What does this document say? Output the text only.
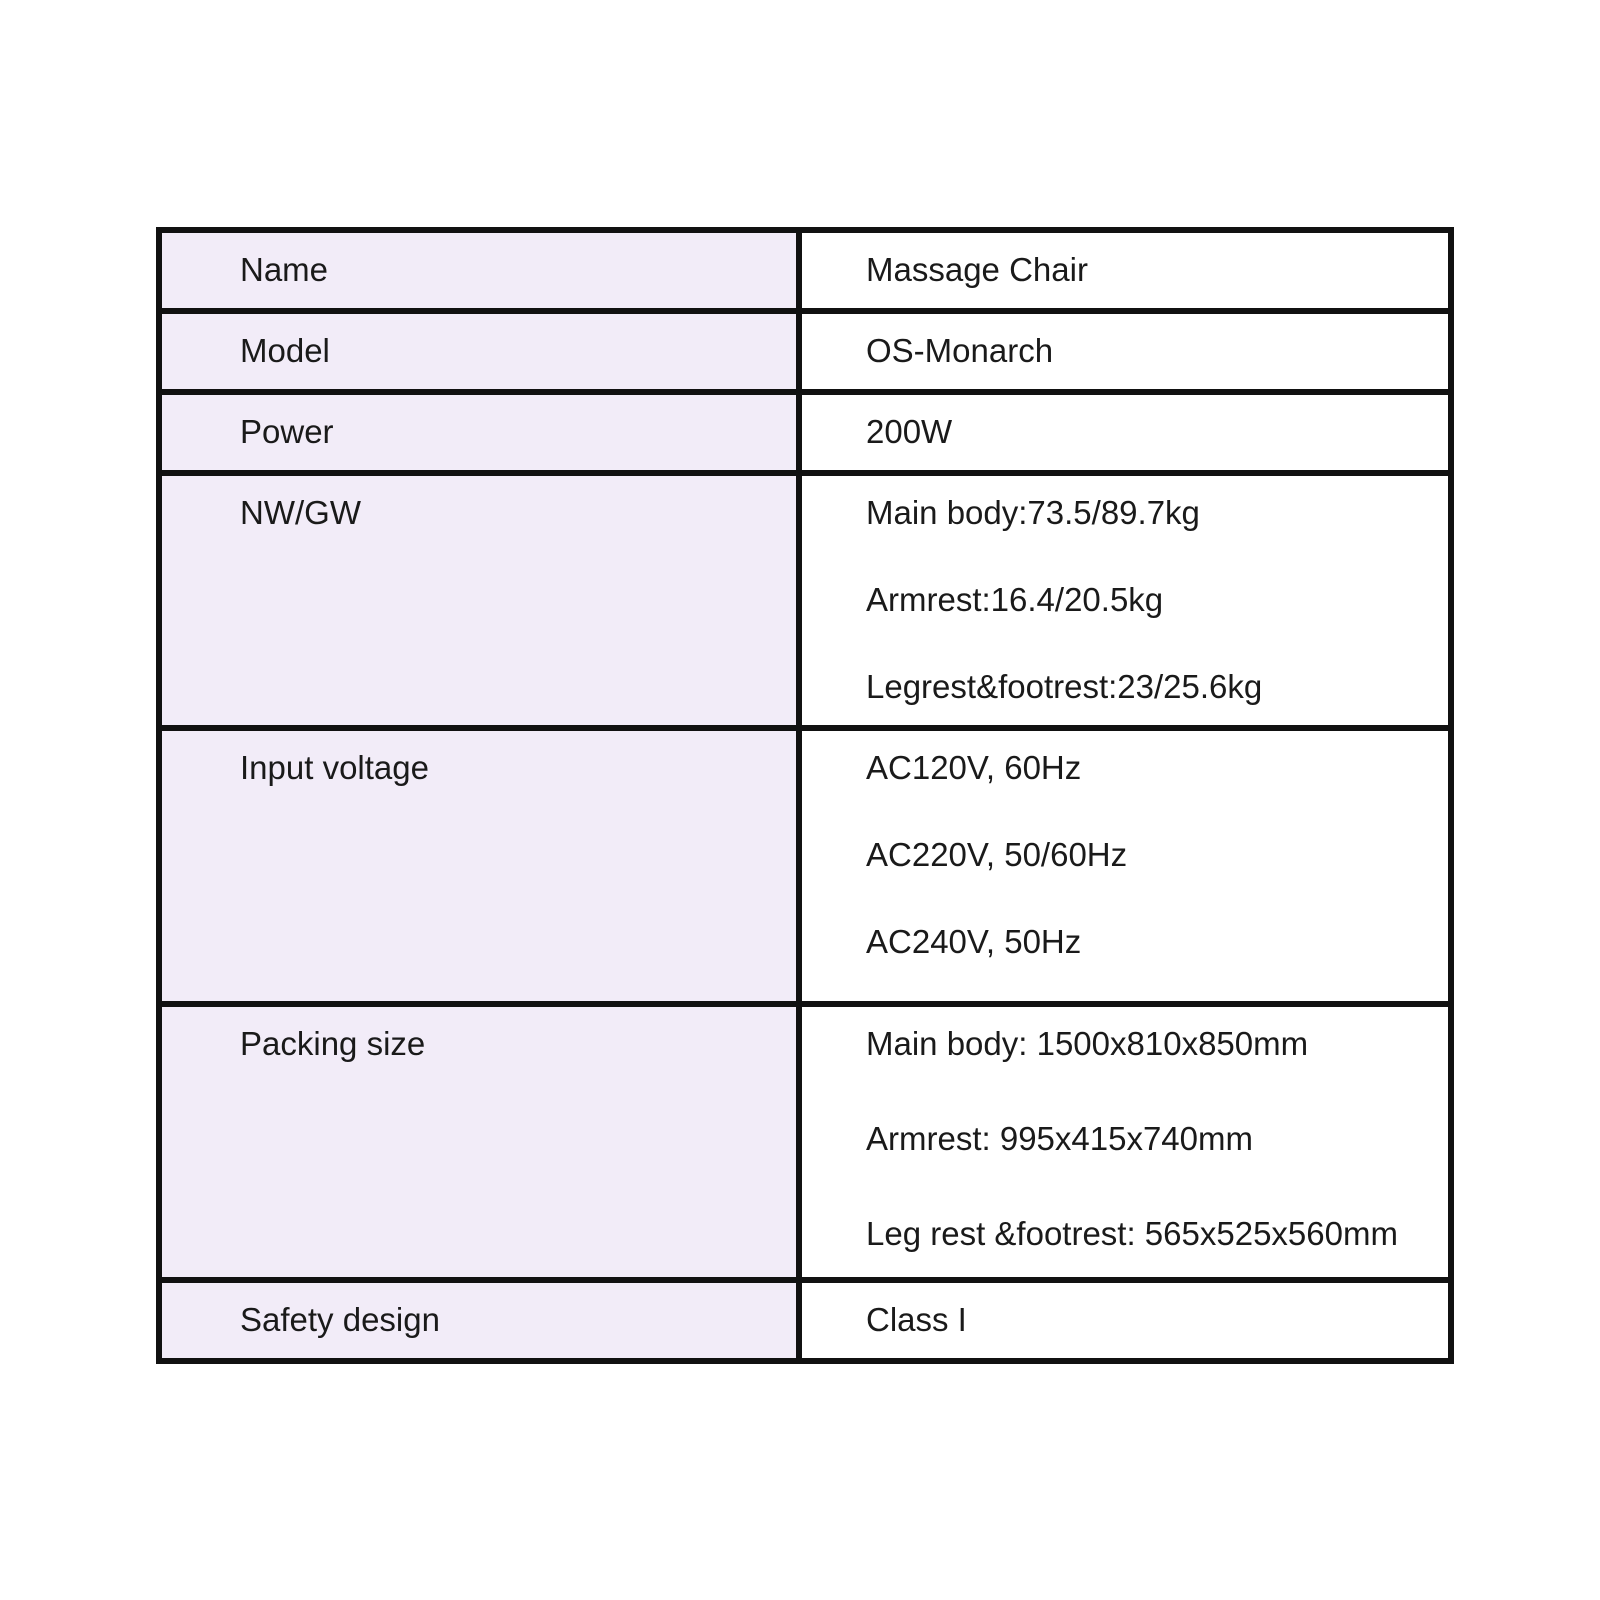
Name	Massage Chair

Model	OS-Monarch

Power	200W

NW/GW	Main body:73.5/89.7kg
Armrest:16.4/20.5kg
Legrest&footrest:23/25.6kg

Input voltage	AC120V, 60Hz
AC220V, 50/60Hz
AC240V, 50Hz

Packing size	Main body: 1500x810x850mm
Armrest: 995x415x740mm
Leg rest &footrest: 565x525x560mm

Safety design	Class I
